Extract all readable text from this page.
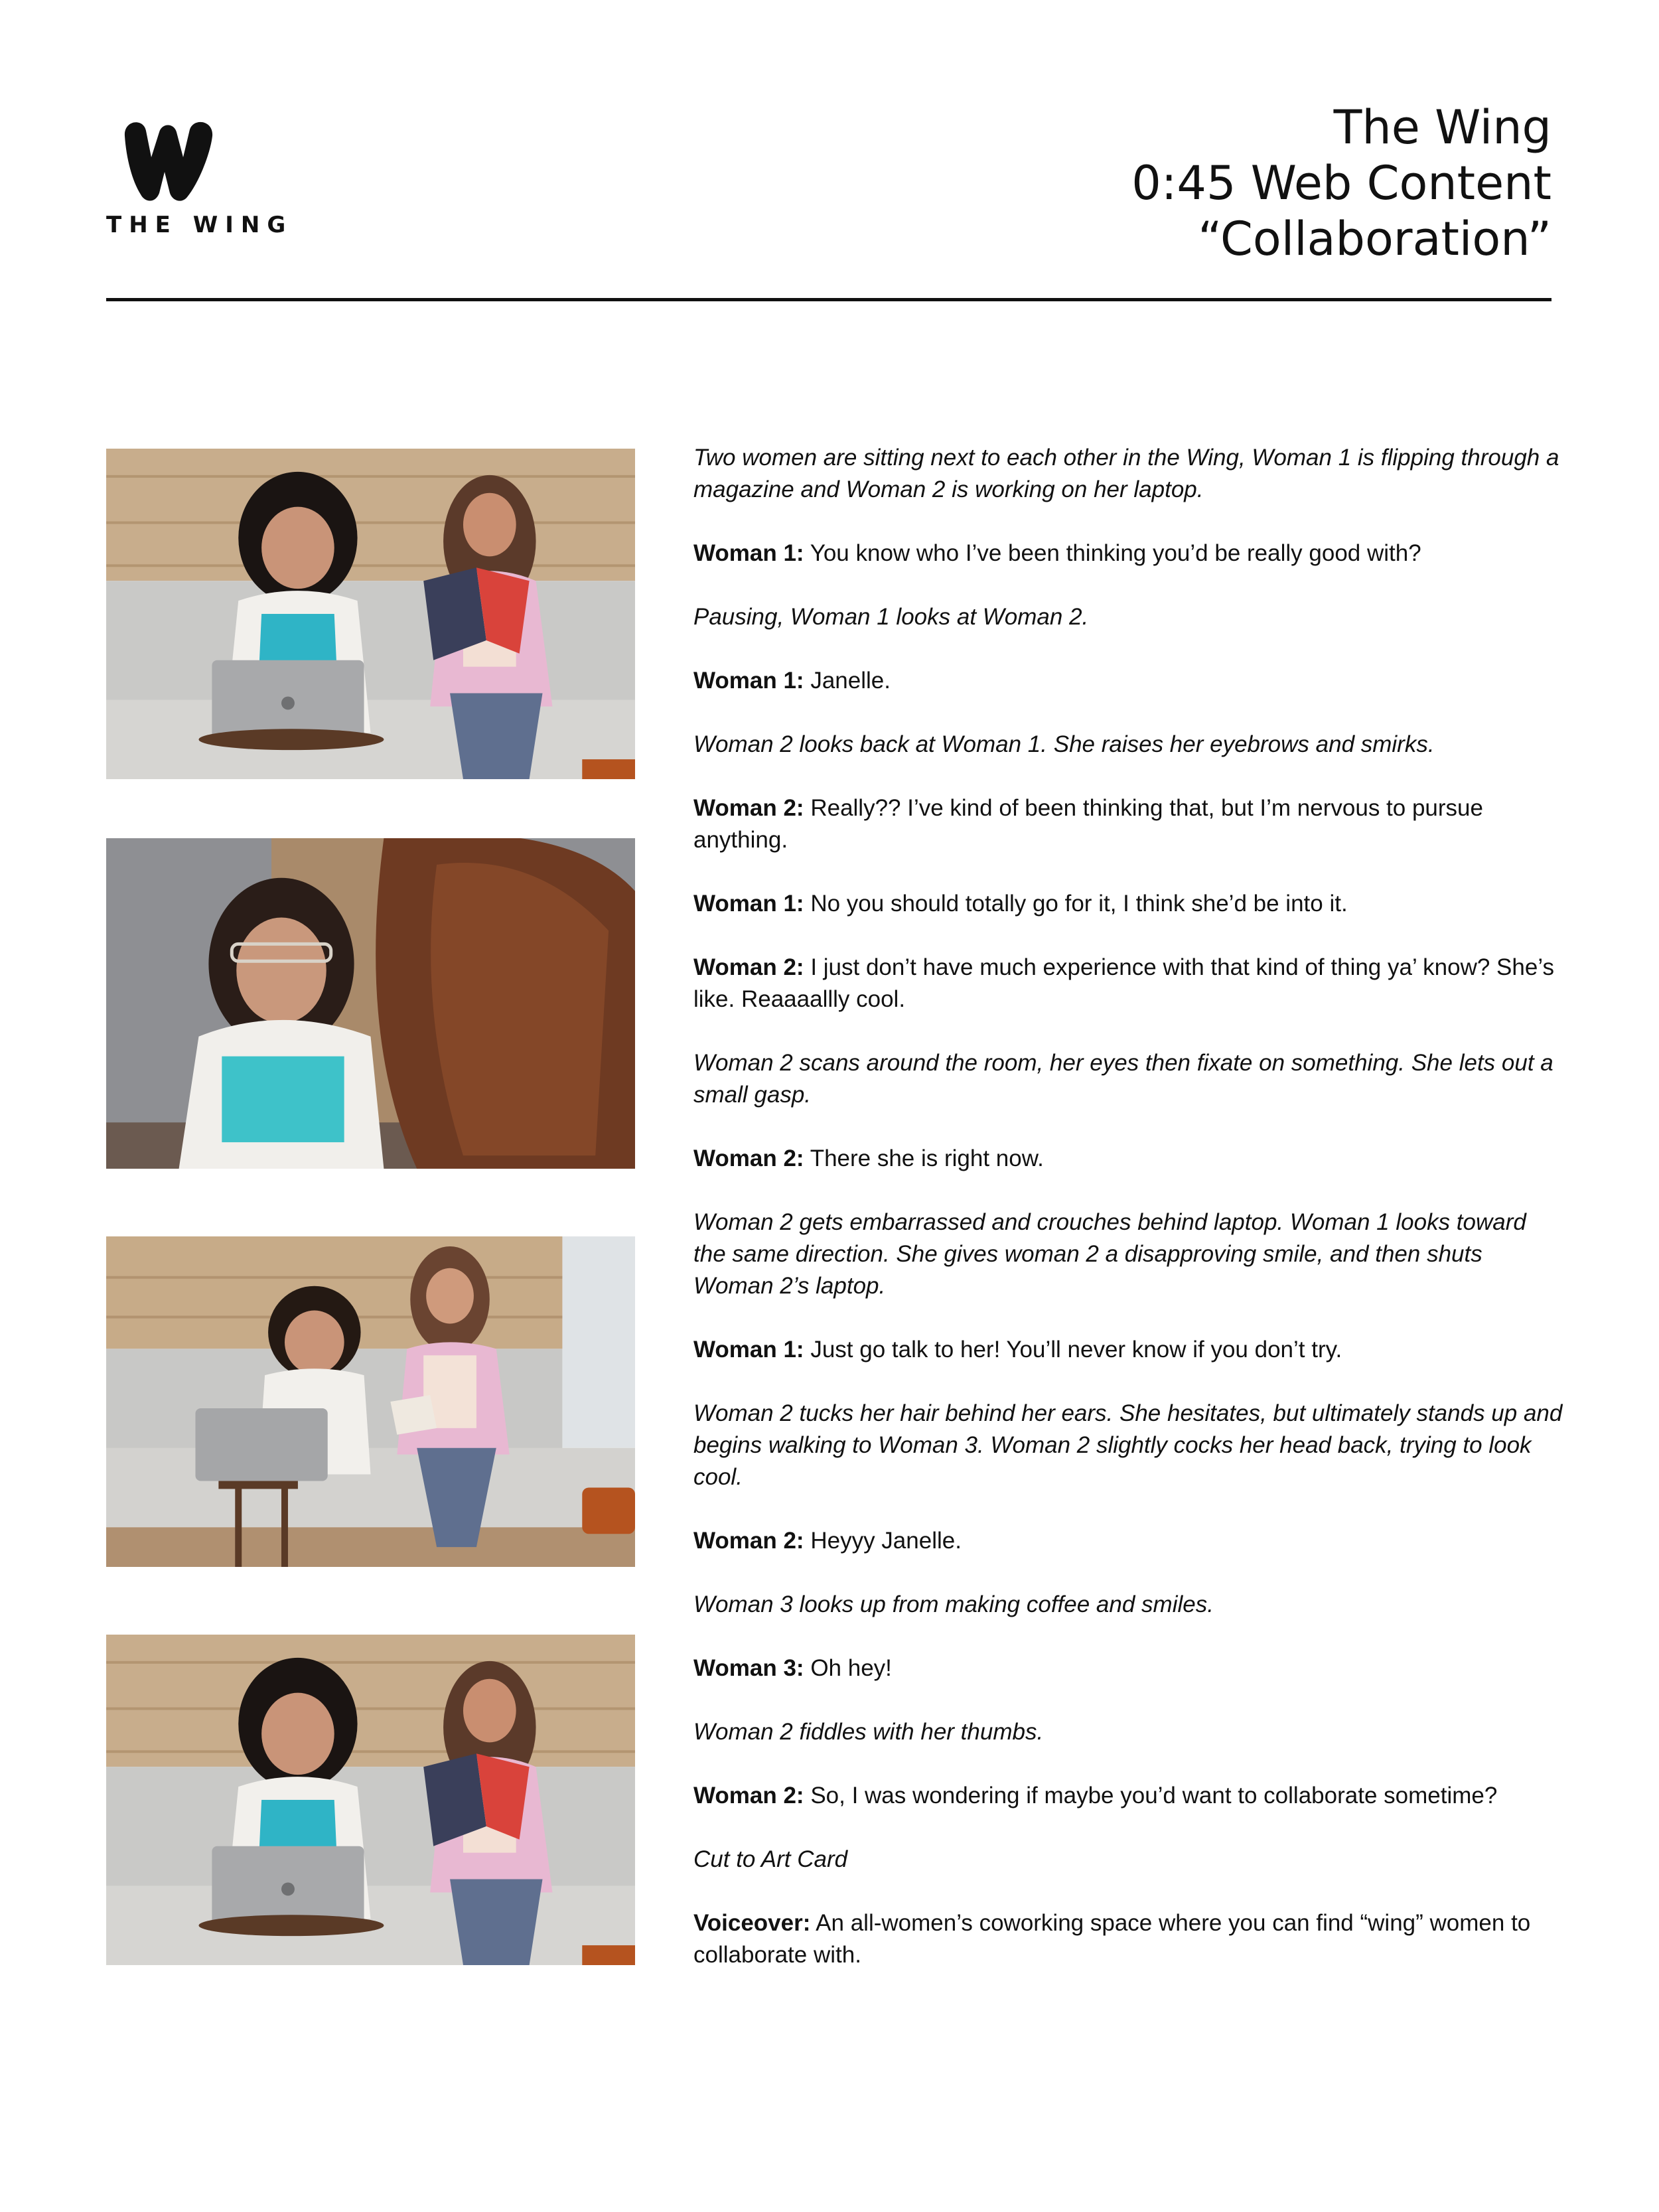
THE WING
The Wing
0:45 Web Content
“Collaboration”

Two women are sitting next to each other in the Wing, Woman 1 is flipping through a magazine and Woman 2 is working on her laptop.

Woman 1: You know who I’ve been thinking you’d be really good with?

Pausing, Woman 1 looks at Woman 2.

Woman 1: Janelle.

Woman 2 looks back at Woman 1. She raises her eyebrows and smirks.

Woman 2: Really?? I’ve kind of been thinking that, but I’m nervous to pursue anything.

Woman 1: No you should totally go for it, I think she’d be into it.

Woman 2: I just don’t have much experience with that kind of thing ya’ know? She’s like. Reaaaallly cool.

Woman 2 scans around the room, her eyes then fixate on something. She lets out a small gasp.

Woman 2: There she is right now.

Woman 2 gets embarrassed and crouches behind laptop. Woman 1 looks toward the same direction. She gives woman 2 a disapproving smile, and then shuts Woman 2’s laptop.

Woman 1: Just go talk to her! You’ll never know if you don’t try.

Woman 2 tucks her hair behind her ears. She hesitates, but ultimately stands up and begins walking to Woman 3. Woman 2 slightly cocks her head back, trying to look cool.

Woman 2: Heyyy Janelle.

Woman 3 looks up from making coffee and smiles.

Woman 3: Oh hey!

Woman 2 fiddles with her thumbs.

Woman 2: So, I was wondering if maybe you’d want to collaborate sometime?

Cut to Art Card

Voiceover: An all-women’s coworking space where you can find “wing” women to collaborate with.
